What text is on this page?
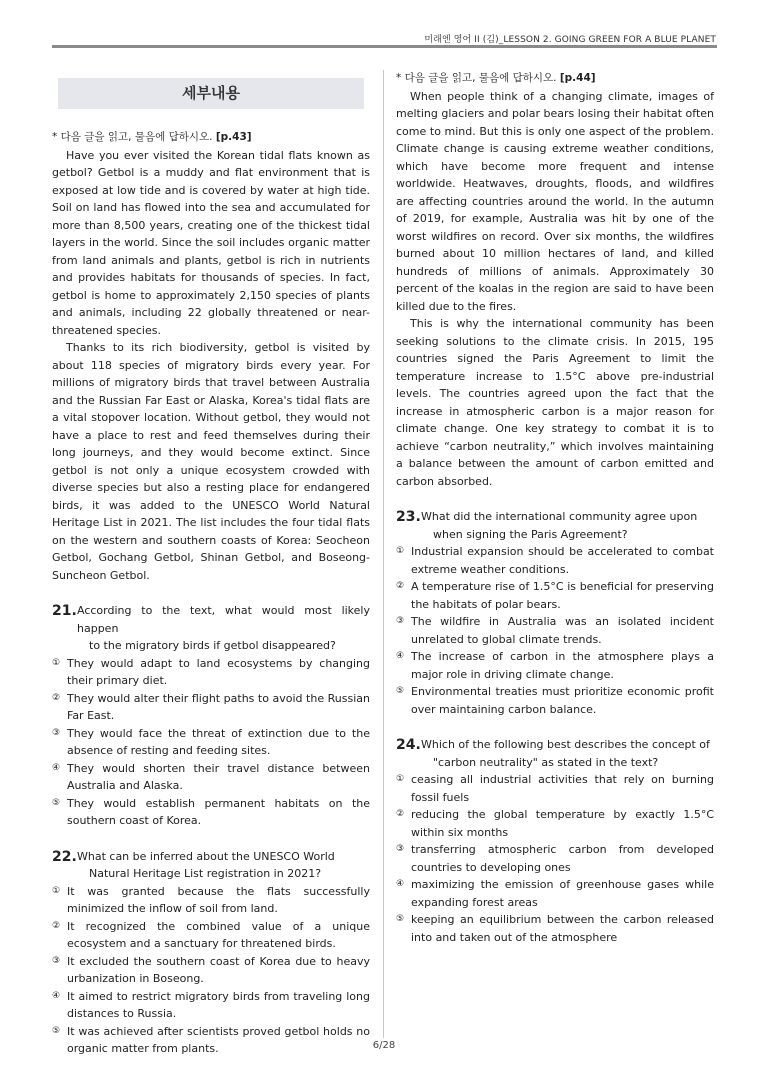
미래엔 영어 II (김)_LESSON 2. GOING GREEN FOR A BLUE PLANET
세부내용
* 다음 글을 읽고, 물음에 답하시오. [p.43]

Have you ever visited the Korean tidal flats known as getbol? Getbol is a muddy and flat environment that is exposed at low tide and is covered by water at high tide. Soil on land has flowed into the sea and accumulated for more than 8,500 years, creating one of the thickest tidal layers in the world. Since the soil includes organic matter from land animals and plants, getbol is rich in nutrients and provides habitats for thousands of species. In fact, getbol is home to approximately 2,150 species of plants and animals, including 22 globally threatened or near-threatened species.

Thanks to its rich biodiversity, getbol is visited by about 118 species of migratory birds every year. For millions of migratory birds that travel between Australia and the Russian Far East or Alaska, Korea's tidal flats are a vital stopover location. Without getbol, they would not have a place to rest and feed themselves during their long journeys, and they would become extinct. Since getbol is not only a unique ecosystem crowded with diverse species but also a resting place for endangered birds, it was added to the UNESCO World Natural Heritage List in 2021. The list includes the four tidal flats on the western and southern coasts of Korea: Seocheon Getbol, Gochang Getbol, Shinan Getbol, and Boseong-Suncheon Getbol.

21. According to the text, what would most likely happen
to the migratory birds if getbol disappeared?
① They would adapt to land ecosystems by changing their primary diet.
② They would alter their flight paths to avoid the Russian Far East.
③ They would face the threat of extinction due to the absence of resting and feeding sites.
④ They would shorten their travel distance between Australia and Alaska.
⑤ They would establish permanent habitats on the southern coast of Korea.
22. What can be inferred about the UNESCO World
Natural Heritage List registration in 2021?
① It was granted because the flats successfully minimized the inflow of soil from land.
② It recognized the combined value of a unique ecosystem and a sanctuary for threatened birds.
③ It excluded the southern coast of Korea due to heavy urbanization in Boseong.
④ It aimed to restrict migratory birds from traveling long distances to Russia.
⑤ It was achieved after scientists proved getbol holds no organic matter from plants.
* 다음 글을 읽고, 물음에 답하시오. [p.44]

When people think of a changing climate, images of melting glaciers and polar bears losing their habitat often come to mind. But this is only one aspect of the problem. Climate change is causing extreme weather conditions, which have become more frequent and intense worldwide. Heatwaves, droughts, floods, and wildfires are affecting countries around the world. In the autumn of 2019, for example, Australia was hit by one of the worst wildfires on record. Over six months, the wildfires burned about 10 million hectares of land, and killed hundreds of millions of animals. Approximately 30 percent of the koalas in the region are said to have been killed due to the fires.

This is why the international community has been seeking solutions to the climate crisis. In 2015, 195 countries signed the Paris Agreement to limit the temperature increase to 1.5°C above pre-industrial levels. The countries agreed upon the fact that the increase in atmospheric carbon is a major reason for climate change. One key strategy to combat it is to achieve “carbon neutrality,” which involves maintaining a balance between the amount of carbon emitted and carbon absorbed.

23. What did the international community agree upon
when signing the Paris Agreement?
① Industrial expansion should be accelerated to combat extreme weather conditions.
② A temperature rise of 1.5°C is beneficial for preserving the habitats of polar bears.
③ The wildfire in Australia was an isolated incident unrelated to global climate trends.
④ The increase of carbon in the atmosphere plays a major role in driving climate change.
⑤ Environmental treaties must prioritize economic profit over maintaining carbon balance.
24. Which of the following best describes the concept of
"carbon neutrality" as stated in the text?
① ceasing all industrial activities that rely on burning fossil fuels
② reducing the global temperature by exactly 1.5°C within six months
③ transferring atmospheric carbon from developed countries to developing ones
④ maximizing the emission of greenhouse gases while expanding forest areas
⑤ keeping an equilibrium between the carbon released into and taken out of the atmosphere
6/28
